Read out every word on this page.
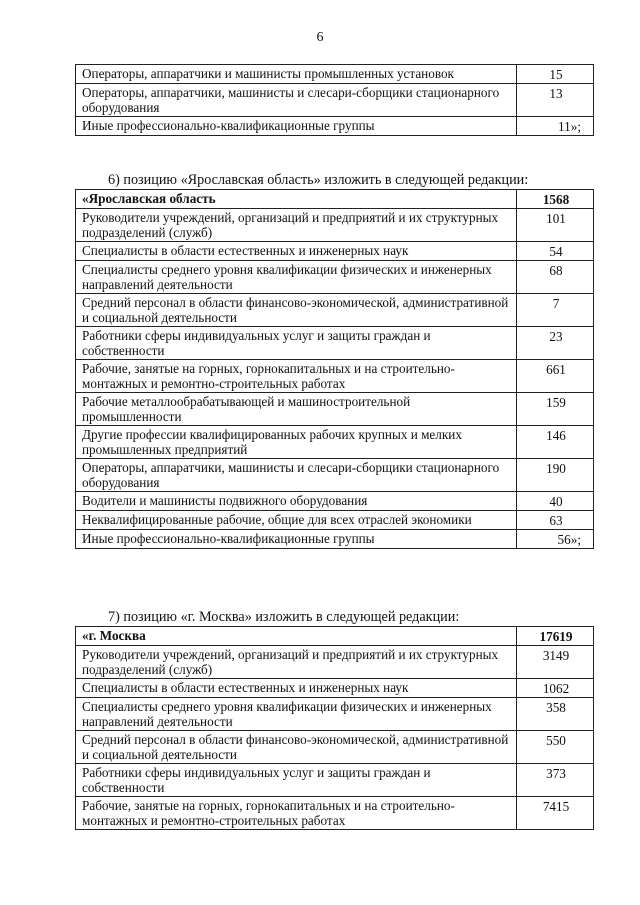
6
Операторы, аппаратчики и машинисты промышленных установок	15
Операторы, аппаратчики, машинисты и слесари-сборщики стационарного оборудования	13
Иные профессионально-квалификационные группы	11»;
6) позицию «Ярославская область» изложить в следующей редакции:
«Ярославская область	1568
Руководители учреждений, организаций и предприятий и их структурных подразделений (служб)	101
Специалисты в области естественных и инженерных наук	54
Специалисты среднего уровня квалификации физических и инженерных направлений деятельности	68
Средний персонал в области финансово-экономической, административной и социальной деятельности	7
Работники сферы индивидуальных услуг и защиты граждан и собственности	23
Рабочие, занятые на горных, горнокапитальных и на строительно-монтажных и ремонтно-строительных работах	661
Рабочие металлообрабатывающей и машиностроительной промышленности	159
Другие профессии квалифицированных рабочих крупных и мелких промышленных предприятий	146
Операторы, аппаратчики, машинисты и слесари-сборщики стационарного оборудования	190
Водители и машинисты подвижного оборудования	40
Неквалифицированные рабочие, общие для всех отраслей экономики	63
Иные профессионально-квалификационные группы	56»;
7) позицию «г. Москва» изложить в следующей редакции:
«г. Москва	17619
Руководители учреждений, организаций и предприятий и их структурных подразделений (служб)	3149
Специалисты в области естественных и инженерных наук	1062
Специалисты среднего уровня квалификации физических и инженерных направлений деятельности	358
Средний персонал в области финансово-экономической, административной и социальной деятельности	550
Работники сферы индивидуальных услуг и защиты граждан и собственности	373
Рабочие, занятые на горных, горнокапитальных и на строительно-монтажных и ремонтно-строительных работах	7415
